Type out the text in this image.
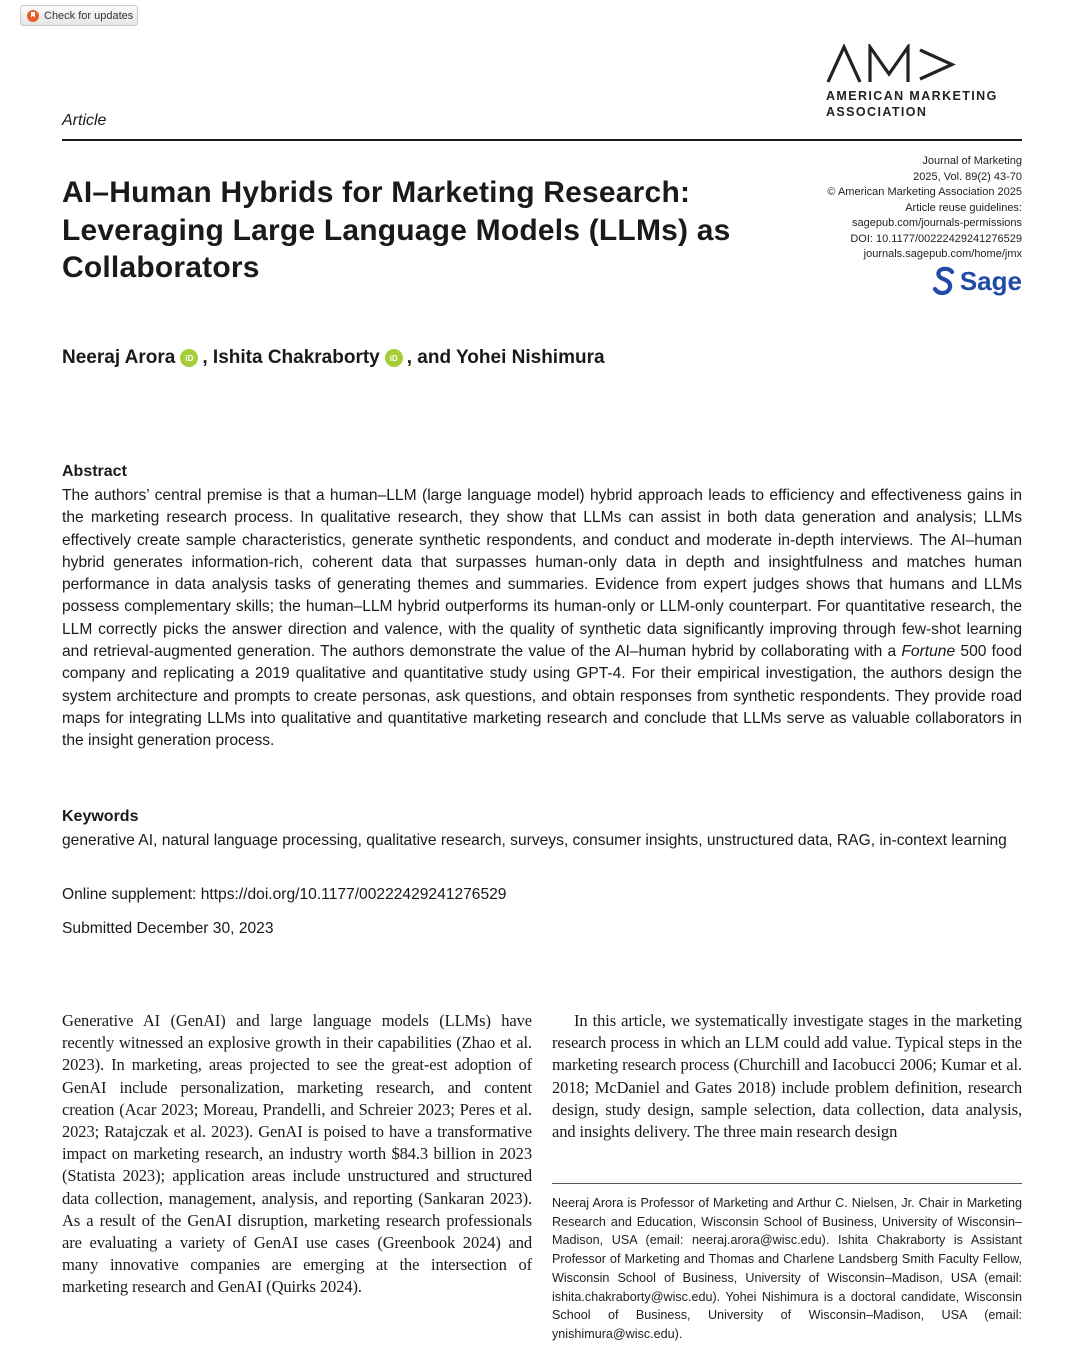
Check for updates
AMERICAN MARKETING
ASSOCIATION
Article
AI–Human Hybrids for Marketing Research: Leveraging Large Language Models (LLMs) as Collaborators
Journal of Marketing
2025, Vol. 89(2) 43-70
© American Marketing Association 2025
Article reuse guidelines:
sagepub.com/journals-permissions
DOI: 10.1177/00222429241276529
journals.sagepub.com/home/jmx
Sage
Neeraj Arora	iD , Ishita Chakraborty	iD , and Yohei Nishimura
Abstract

The authors’ central premise is that a human–LLM (large language model) hybrid approach leads to efficiency and effectiveness gains in the marketing research process. In qualitative research, they show that LLMs can assist in both data generation and analysis; LLMs effectively create sample characteristics, generate synthetic respondents, and conduct and moderate in-depth interviews. The AI–human hybrid generates information-rich, coherent data that surpasses human-only data in depth and insightfulness and matches human performance in data analysis tasks of generating themes and summaries. Evidence from expert judges shows that humans and LLMs possess complementary skills; the human–LLM hybrid outperforms its human-only or LLM-only counterpart. For quantitative research, the LLM correctly picks the answer direction and valence, with the quality of synthetic data significantly improving through few-shot learning and retrieval-augmented generation. The authors demonstrate the value of the AI–human hybrid by collaborating with a Fortune 500 food company and replicating a 2019 qualitative and quantitative study using GPT-4. For their empirical investigation, the authors design the system architecture and prompts to create personas, ask questions, and obtain responses from synthetic respondents. They provide road maps for integrating LLMs into qualitative and quantitative marketing research and conclude that LLMs serve as valuable collaborators in the insight generation process.

Keywords

generative AI, natural language processing, qualitative research, surveys, consumer insights, unstructured data, RAG, in-context learning

Online supplement: https://doi.org/10.1177/00222429241276529
Submitted December 30, 2023

Generative AI (GenAI) and large language models (LLMs) have recently witnessed an explosive growth in their capabilities (Zhao et al. 2023). In marketing, areas projected to see the great-est adoption of GenAI include personalization, marketing research, and content creation (Acar 2023; Moreau, Prandelli, and Schreier 2023; Peres et al. 2023; Ratajczak et al. 2023). GenAI is poised to have a transformative impact on marketing research, an industry worth $84.3 billion in 2023 (Statista 2023); application areas include unstructured and structured data collection, management, analysis, and reporting (Sankaran 2023). As a result of the GenAI disruption, marketing research professionals are evaluating a variety of GenAI use cases (Greenbook 2024) and many innovative companies are emerging at the intersection of marketing research and GenAI (Quirks 2024).

In this article, we systematically investigate stages in the marketing research process in which an LLM could add value. Typical steps in the marketing research process (Churchill and Iacobucci 2006; Kumar et al. 2018; McDaniel and Gates 2018) include problem definition, research design, study design, sample selection, data collection, data analysis, and insights delivery. The three main research design

Neeraj Arora is Professor of Marketing and Arthur C. Nielsen, Jr. Chair in Marketing Research and Education, Wisconsin School of Business, University of Wisconsin–Madison, USA (email: neeraj.arora@wisc.edu). Ishita Chakraborty is Assistant Professor of Marketing and Thomas and Charlene Landsberg Smith Faculty Fellow, Wisconsin School of Business, University of Wisconsin–Madison, USA (email: ishita.chakraborty@wisc.edu). Yohei Nishimura is a doctoral candidate, Wisconsin School of Business, University of Wisconsin–Madison, USA (email: ynishimura@wisc.edu).
